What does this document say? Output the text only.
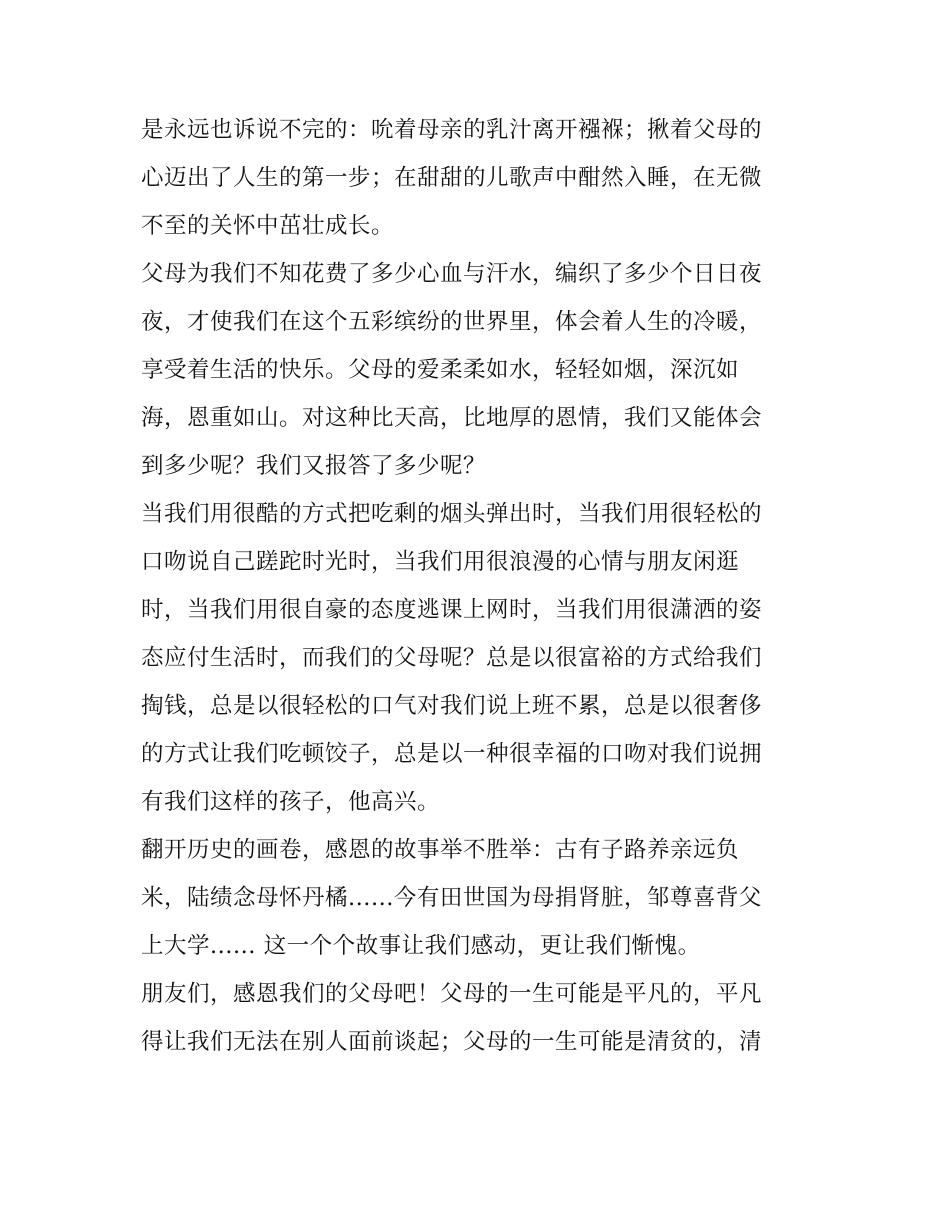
是永远也诉说不完的：吮着母亲的乳汁离开襁褓；揪着父母的
心迈出了人生的第一步；在甜甜的儿歌声中酣然入睡，在无微
不至的关怀中茁壮成长。
父母为我们不知花费了多少心血与汗水，编织了多少个日日夜
夜，才使我们在这个五彩缤纷的世界里，体会着人生的冷暖，
享受着生活的快乐。父母的爱柔柔如水，轻轻如烟，深沉如
海，恩重如山。对这种比天高，比地厚的恩情，我们又能体会
到多少呢？我们又报答了多少呢？
当我们用很酷的方式把吃剩的烟头弹出时，当我们用很轻松的
口吻说自己蹉跎时光时，当我们用很浪漫的心情与朋友闲逛
时，当我们用很自豪的态度逃课上网时，当我们用很潇洒的姿
态应付生活时，而我们的父母呢？总是以很富裕的方式给我们
掏钱，总是以很轻松的口气对我们说上班不累，总是以很奢侈
的方式让我们吃顿饺子，总是以一种很幸福的口吻对我们说拥
有我们这样的孩子，他高兴。
翻开历史的画卷，感恩的故事举不胜举：古有子路养亲远负
米，陆绩念母怀丹橘......今有田世国为母捐肾脏，邹尊喜背父
上大学...... 这一个个故事让我们感动，更让我们惭愧。
朋友们，感恩我们的父母吧！父母的一生可能是平凡的，平凡
得让我们无法在别人面前谈起；父母的一生可能是清贫的，清
